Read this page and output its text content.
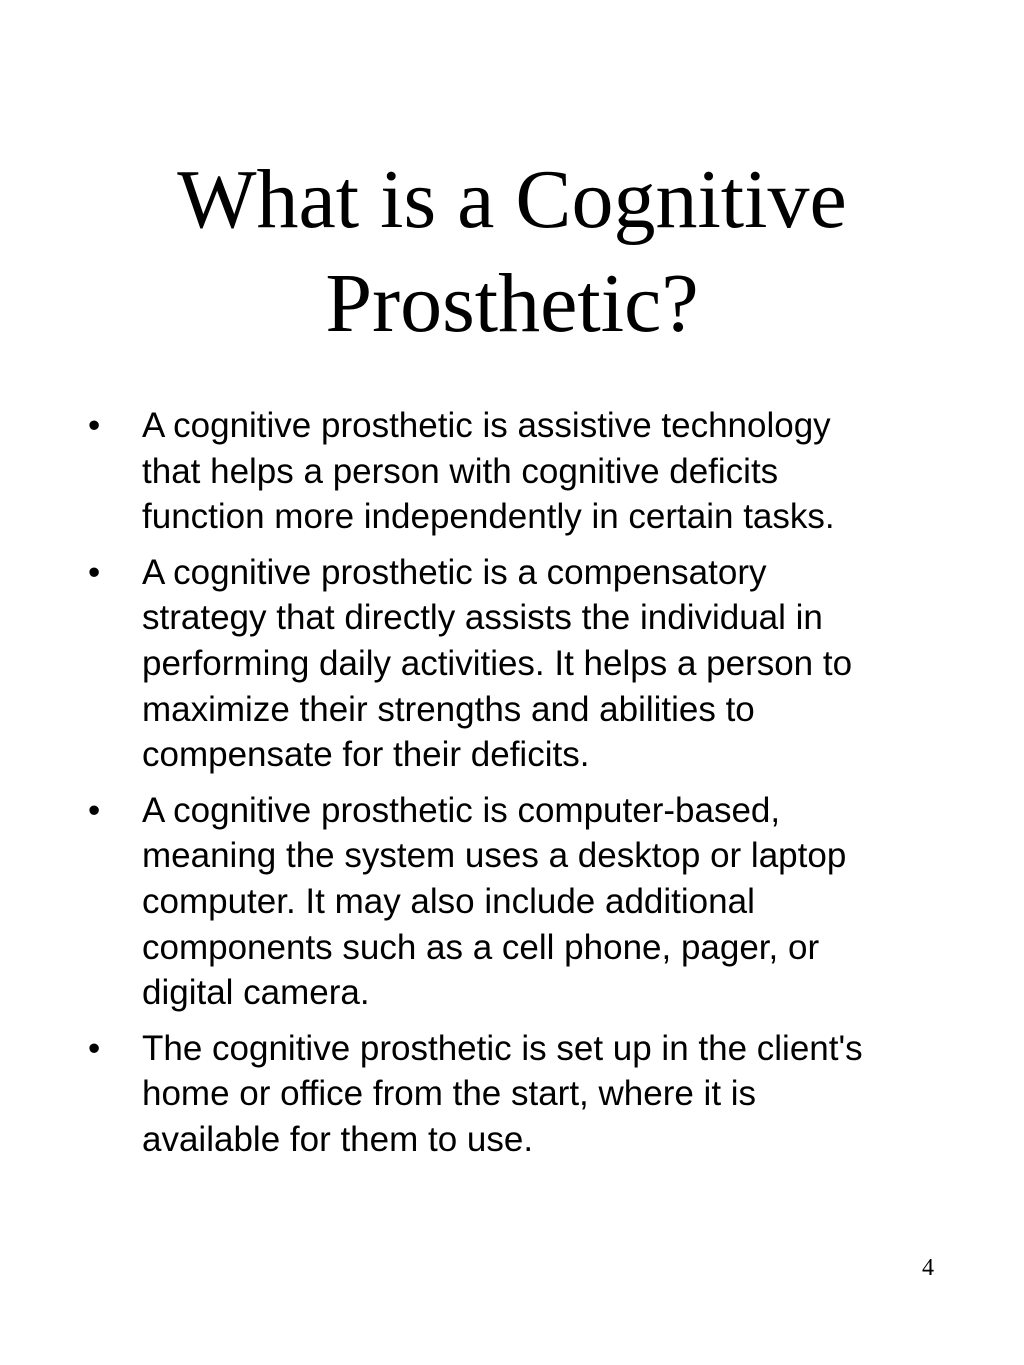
What is a Cognitive
Prosthetic?
• A cognitive prosthetic is assistive technology
that helps a person with cognitive deficits
function more independently in certain tasks.
• A cognitive prosthetic is a compensatory
strategy that directly assists the individual in
performing daily activities. It helps a person to
maximize their strengths and abilities to
compensate for their deficits.
• A cognitive prosthetic is computer-based,
meaning the system uses a desktop or laptop
computer. It may also include additional
components such as a cell phone, pager, or
digital camera.
• The cognitive prosthetic is set up in the client's
home or office from the start, where it is
available for them to use.
4
